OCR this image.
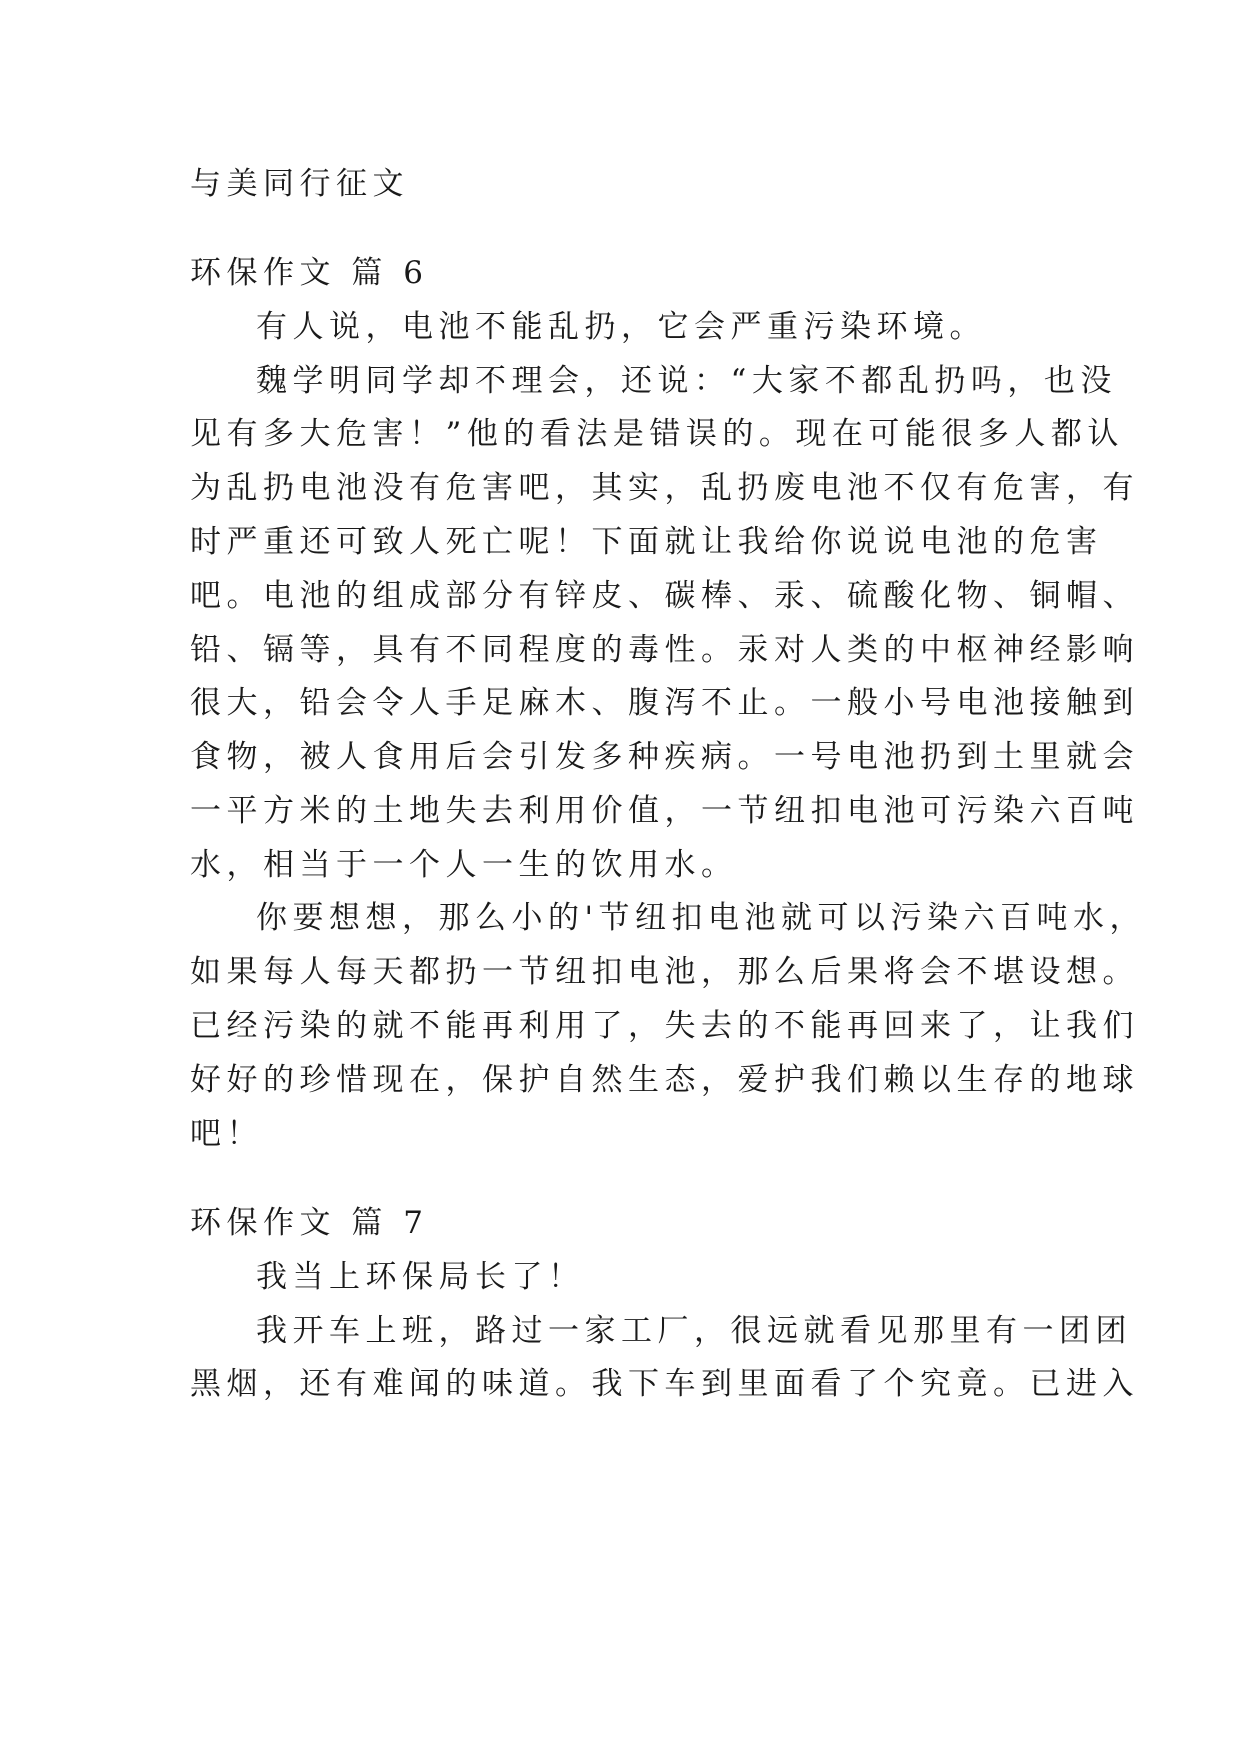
与美同行征文
环保作文 篇 6
有人说，电池不能乱扔，它会严重污染环境。
魏学明同学却不理会，还说：“大家不都乱扔吗，也没
见有多大危害！”他的看法是错误的。现在可能很多人都认
为乱扔电池没有危害吧，其实，乱扔废电池不仅有危害，有
时严重还可致人死亡呢！下面就让我给你说说电池的危害
吧。电池的组成部分有锌皮、碳棒、汞、硫酸化物、铜帽、
铅、镉等，具有不同程度的毒性。汞对人类的中枢神经影响
很大，铅会令人手足麻木、腹泻不止。一般小号电池接触到
食物，被人食用后会引发多种疾病。一号电池扔到土里就会
一平方米的土地失去利用价值，一节纽扣电池可污染六百吨
水，相当于一个人一生的饮用水。
你要想想，那么小的'节纽扣电池就可以污染六百吨水，
如果每人每天都扔一节纽扣电池，那么后果将会不堪设想。
已经污染的就不能再利用了，失去的不能再回来了，让我们
好好的珍惜现在，保护自然生态，爱护我们赖以生存的地球
吧！
环保作文 篇 7
我当上环保局长了！
我开车上班，路过一家工厂，很远就看见那里有一团团
黑烟，还有难闻的味道。我下车到里面看了个究竟。已进入
